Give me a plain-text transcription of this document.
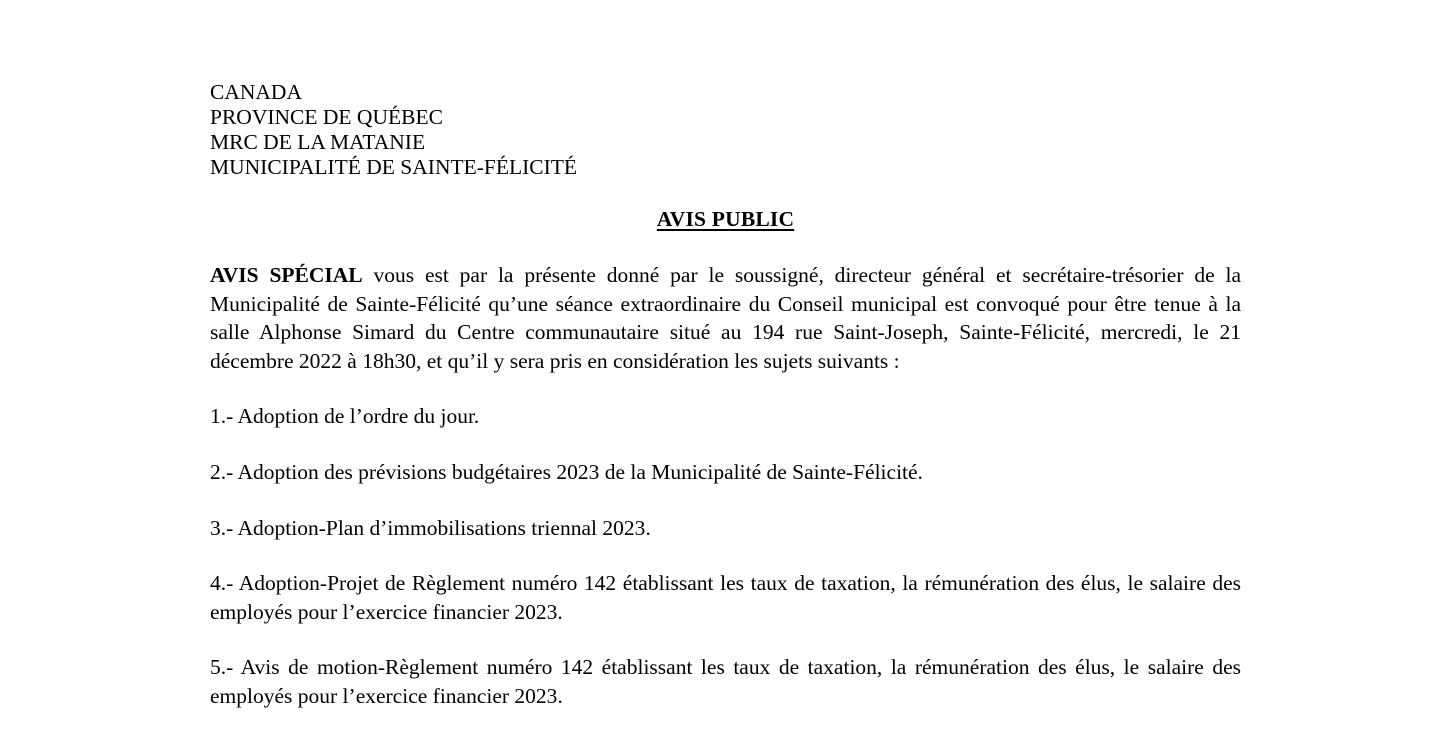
CANADA
PROVINCE DE QUÉBEC
MRC DE LA MATANIE
MUNICIPALITÉ DE SAINTE-FÉLICITÉ
AVIS PUBLIC

AVIS SPÉCIAL vous est par la présente donné par le soussigné, directeur général et secrétaire-trésorier de la Municipalité de Sainte-Félicité qu’une séance extraordinaire du Conseil municipal est convoqué pour être tenue à la salle Alphonse Simard du Centre communautaire situé au 194 rue Saint-Joseph, Sainte-Félicité, mercredi, le 21 décembre 2022 à 18h30, et qu’il y sera pris en considération les sujets suivants :

1.- Adoption de l’ordre du jour.

2.- Adoption des prévisions budgétaires 2023 de la Municipalité de Sainte-Félicité.

3.- Adoption-Plan d’immobilisations triennal 2023.

4.- Adoption-Projet de Règlement numéro 142 établissant les taux de taxation, la rémunération des élus, le salaire des employés pour l’exercice financier 2023.

5.- Avis de motion-Règlement numéro 142 établissant les taux de taxation, la rémunération des élus, le salaire des employés pour l’exercice financier 2023.
